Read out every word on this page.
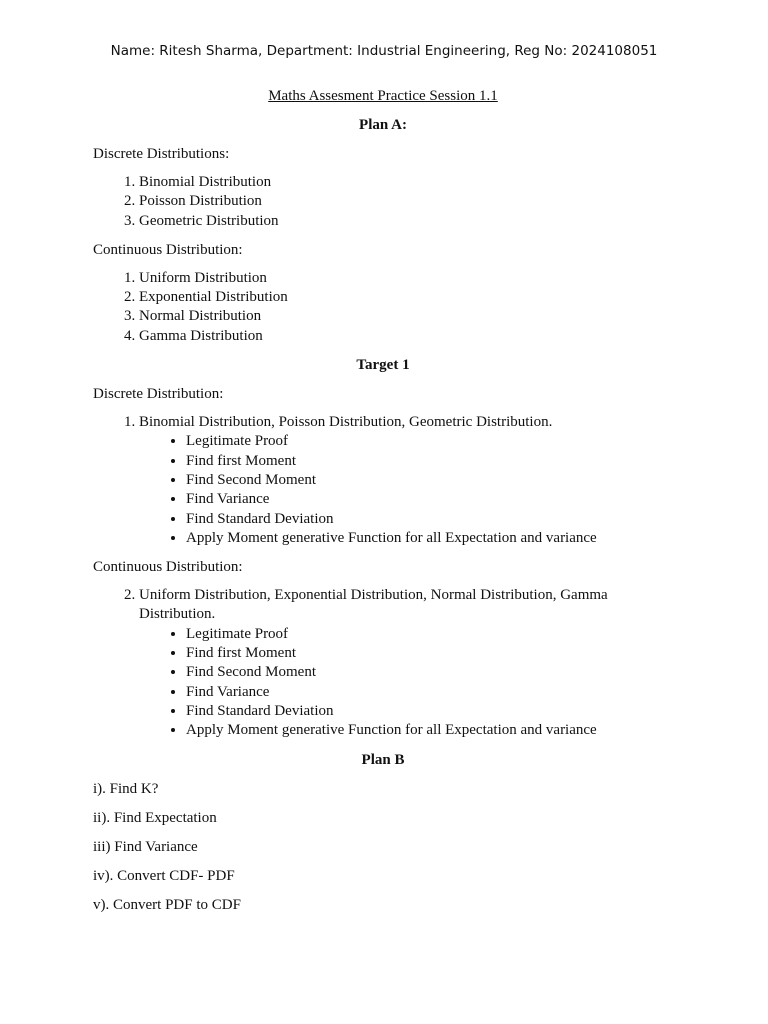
Name: Ritesh Sharma, Department: Industrial Engineering, Reg No: 2024108051

Maths Assesment Practice Session 1.1

Plan A:

Discrete Distributions:

1. Binomial Distribution
2. Poisson Distribution
3. Geometric Distribution

Continuous Distribution:

1. Uniform Distribution
2. Exponential Distribution
3. Normal Distribution
4. Gamma Distribution
Target 1

Discrete Distribution:

1. Binomial Distribution, Poisson Distribution, Geometric Distribution.
• Legitimate Proof
• Find first Moment
• Find Second Moment
• Find Variance
• Find Standard Deviation
• Apply Moment generative Function for all Expectation and variance

Continuous Distribution:

2. Uniform Distribution, Exponential Distribution, Normal Distribution, Gamma Distribution.
• Legitimate Proof
• Find first Moment
• Find Second Moment
• Find Variance
• Find Standard Deviation
• Apply Moment generative Function for all Expectation and variance
Plan B

i). Find K?

ii). Find Expectation

iii) Find Variance

iv). Convert CDF- PDF

v). Convert PDF to CDF
